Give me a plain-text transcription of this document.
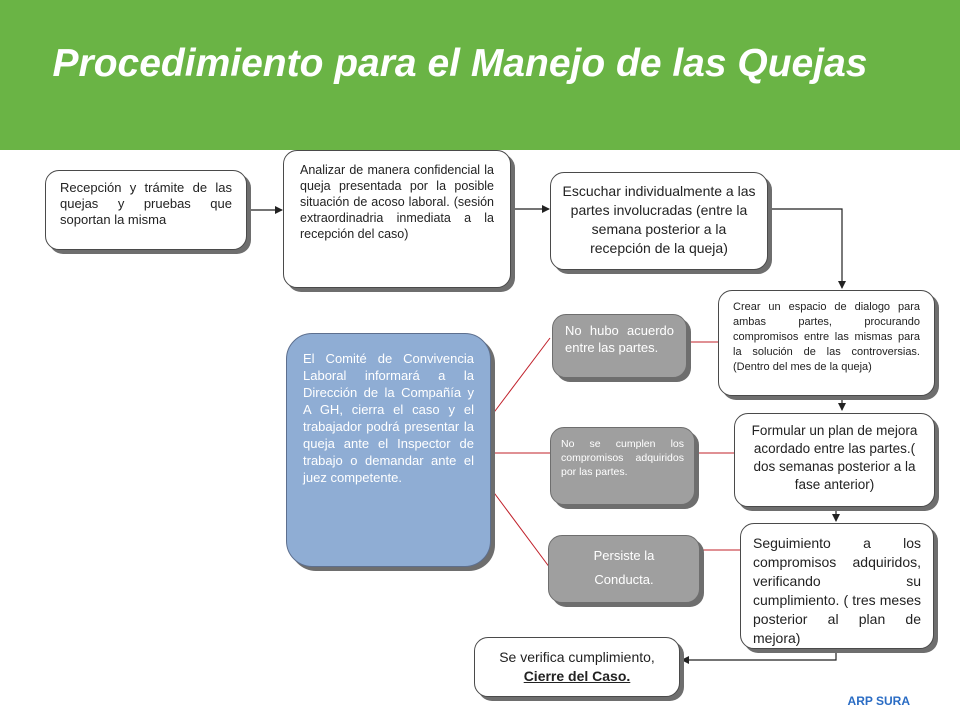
Procedimiento para el Manejo de las Quejas
Recepción y trámite de las quejas y pruebas que soportan la misma
Analizar de manera confidencial la queja presentada por la posible situación de acoso laboral. (sesión extraordinadria inmediata a la recepción del caso)
Escuchar individualmente a las partes involucradas (entre la semana posterior a la recepción de la queja)
Crear un espacio de dialogo para ambas partes, procurando compromisos entre las mismas para la solución de las controversias. (Dentro del mes de la queja)
Formular un plan de mejora acordado entre las partes.( dos semanas posterior a la fase anterior)
Seguimiento a los compromisos adquiridos, verificando su cumplimiento. ( tres meses posterior al plan de mejora)
Se verifica cumplimiento,
Cierre del Caso.
No hubo acuerdo entre las partes.
No se cumplen los compromisos adquiridos por las partes.
Persiste la
Conducta.
El Comité de Convivencia Laboral informará a la Dirección de la Compañía y A GH, cierra el caso y el trabajador podrá presentar la queja ante el Inspector de trabajo o demandar ante el juez competente.
ARP SURA
